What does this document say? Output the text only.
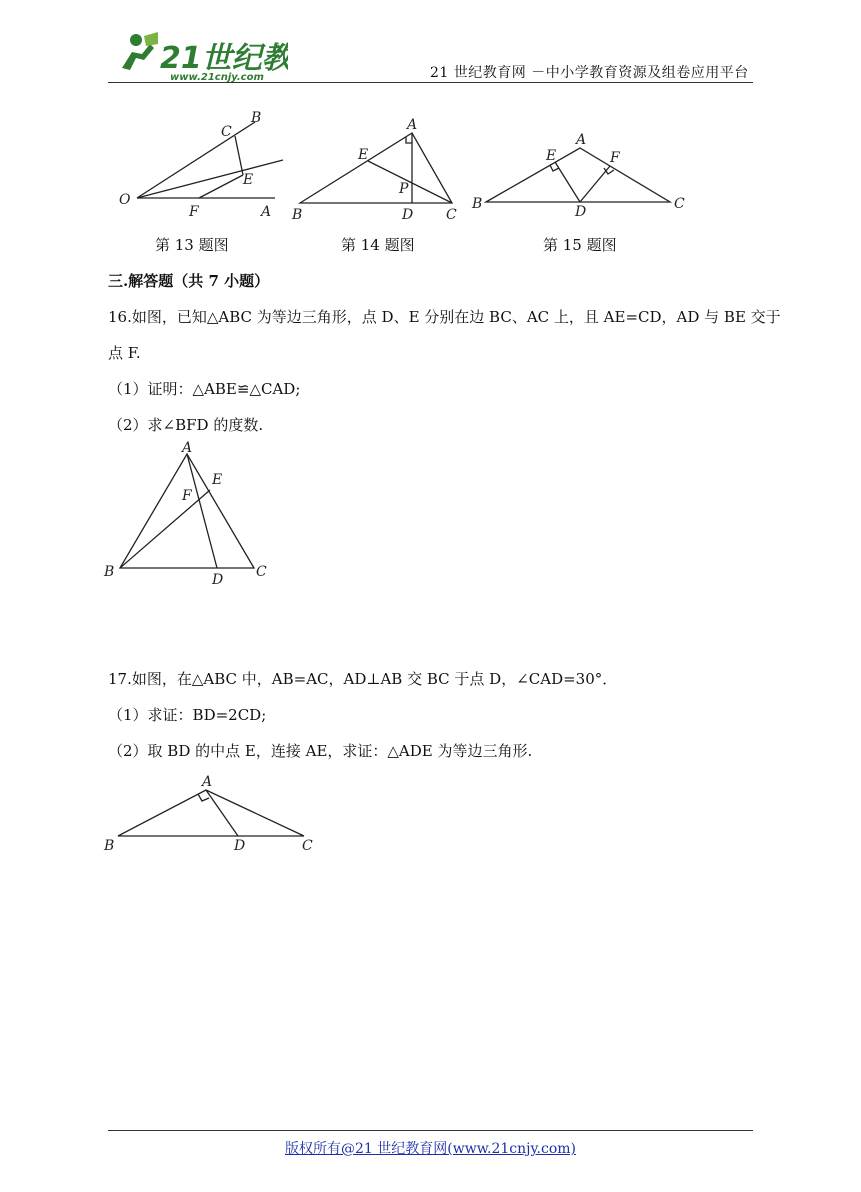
21世纪
www.21cnjy.com	21 世纪教育网 －中小学教育资源及组卷应用平台
B
C
E
O
F	A
第 13 题图
A
E
P
B	D C
第 14 题图
A
E	F
B	D	C
第 15 题图
三.解答题（共 7 小题）
16.如图，已知△ABC 为等边三角形，点 D、E 分别在边 BC、AC 上，且 AE=CD，AD 与 BE 交于
点 F.
（1）证明：△ABE≌△CAD;
（2）求∠BFD 的度数.
A
E
F
B	D C
17.如图，在△ABC 中，AB=AC，AD⊥AB 交 BC 于点 D，∠CAD=30°．
（1）求证：BD=2CD;
（2）取 BD 的中点 E，连接 AE，求证：△ADE 为等边三角形.
A
B	D	C
版权所有@21 世纪教育网(www.21cnjy.com)
